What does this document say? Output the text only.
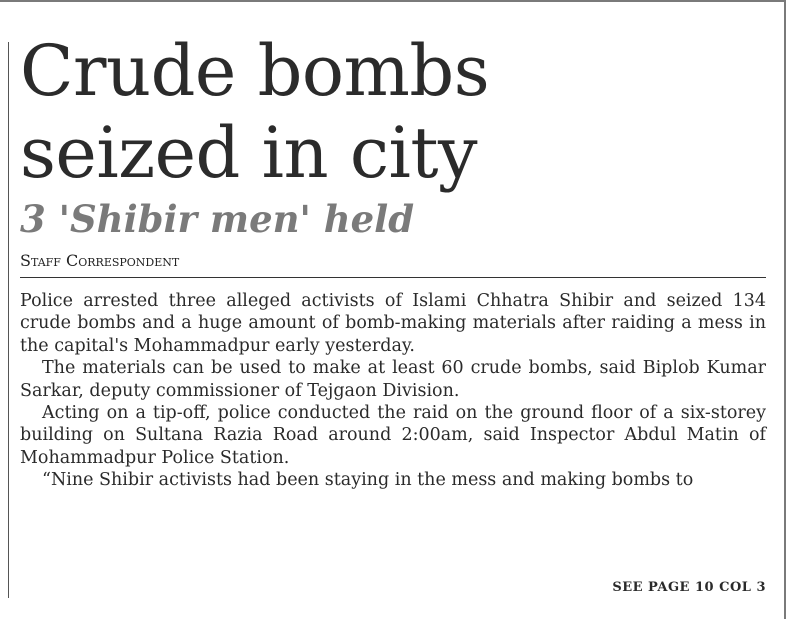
Crude bombs
seized in city
3 'Shibir men' held
Staff Correspondent

Police arrested three alleged activists of Islami Chhatra Shibir and seized 134 crude bombs and a huge amount of bomb-making materials after raiding a mess in the capital's Mohammadpur early yesterday.

The materials can be used to make at least 60 crude bombs, said Biplob Kumar Sarkar, deputy commissioner of Tejgaon Division.

Acting on a tip-off, police conducted the raid on the ground floor of a six-storey building on Sultana Razia Road around 2:00am, said Inspector Abdul Matin of Mohammadpur Police Station.

“Nine Shibir activists had been staying in the mess and making bombs to

SEE PAGE 10 COL 3
